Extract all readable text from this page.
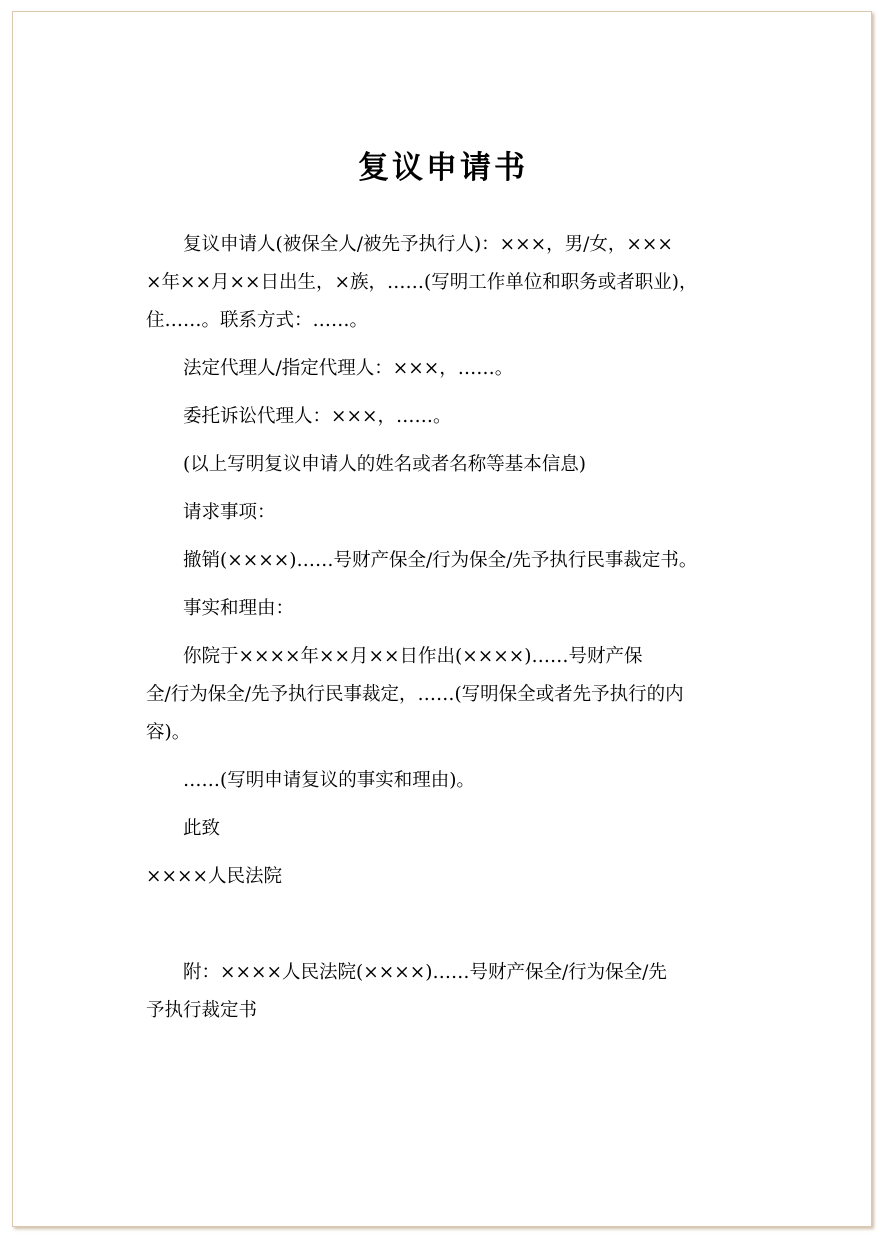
复议申请书

复议申请人(被保全人/被先予执行人)：×××，男/女，×××
×年××月××日出生，×族，……(写明工作单位和职务或者职业)，
住……。联系方式：……。

法定代理人/指定代理人：×××，……。

委托诉讼代理人：×××，……。

(以上写明复议申请人的姓名或者名称等基本信息)

请求事项：

撤销(××××)……号财产保全/行为保全/先予执行民事裁定书。

事实和理由：

你院于××××年××月××日作出(××××)……号财产保
全/行为保全/先予执行民事裁定，……(写明保全或者先予执行的内
容)。

……(写明申请复议的事实和理由)。

此致

××××人民法院

附：××××人民法院(××××)……号财产保全/行为保全/先
予执行裁定书
